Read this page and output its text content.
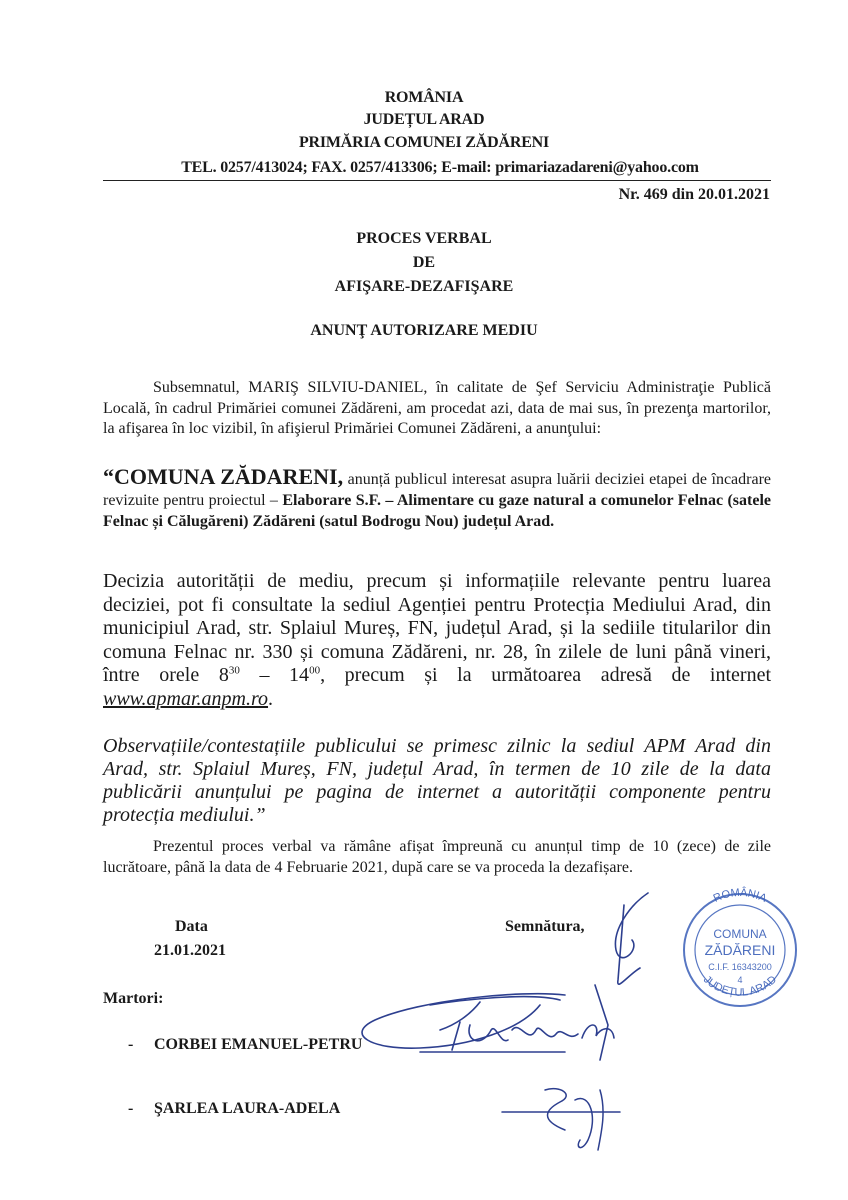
ROMÂNIA
JUDEȚUL ARAD
PRIMĂRIA COMUNEI ZĂDĂRENI
TEL. 0257/413024; FAX. 0257/413306; E-mail: primariazadareni@yahoo.com
Nr. 469 din 20.01.2021
PROCES VERBAL
DE
AFIŞARE-DEZAFIŞARE
ANUNŢ AUTORIZARE MEDIU
Subsemnatul, MARIŞ SILVIU-DANIEL, în calitate de Şef Serviciu Administraţie Publică Locală, în cadrul Primăriei comunei Zădăreni, am procedat azi, data de mai sus, în prezenţa martorilor, la afişarea în loc vizibil, în afişierul Primăriei Comunei Zădăreni, a anunţului:
“COMUNA ZĂDARENI, anunță publicul interesat asupra luării deciziei etapei de încadrare revizuite pentru proiectul – Elaborare S.F. – Alimentare cu gaze natural a comunelor Felnac (satele Felnac și Călugăreni) Zădăreni (satul Bodrogu Nou) județul Arad.
Decizia autorității de mediu, precum și informațiile relevante pentru luarea deciziei, pot fi consultate la sediul Agenției pentru Protecția Mediului Arad, din municipiul Arad, str. Splaiul Mureș, FN, județul Arad, și la sediile titularilor din comuna Felnac nr. 330 și comuna Zădăreni, nr. 28, în zilele de luni până vineri, între orele $8^{30} - 14^{00}$, precum și la următoarea adresă de internet www.apmar.anpm.ro.
Observațiile/contestațiile publicului se primesc zilnic la sediul APM Arad din Arad, str. Splaiul Mureș, FN, județul Arad, în termen de 10 zile de la data publicării anunțului pe pagina de internet a autorității componente pentru protecția mediului.”
Prezentul proces verbal va rămâne afișat împreună cu anunțul timp de 10 (zece) de zile lucrătoare, până la data de 4 Februarie 2021, după care se va proceda la dezafișare.
Data
21.01.2021
Semnătura,
Martori:
- CORBEI EMANUEL-PETRU
- ŞARLEA LAURA-ADELA
ROMÂNIA
JUDEȚUL ARAD
COMUNA
ZĂDĂRENI
C.I.F. 16343200
4
